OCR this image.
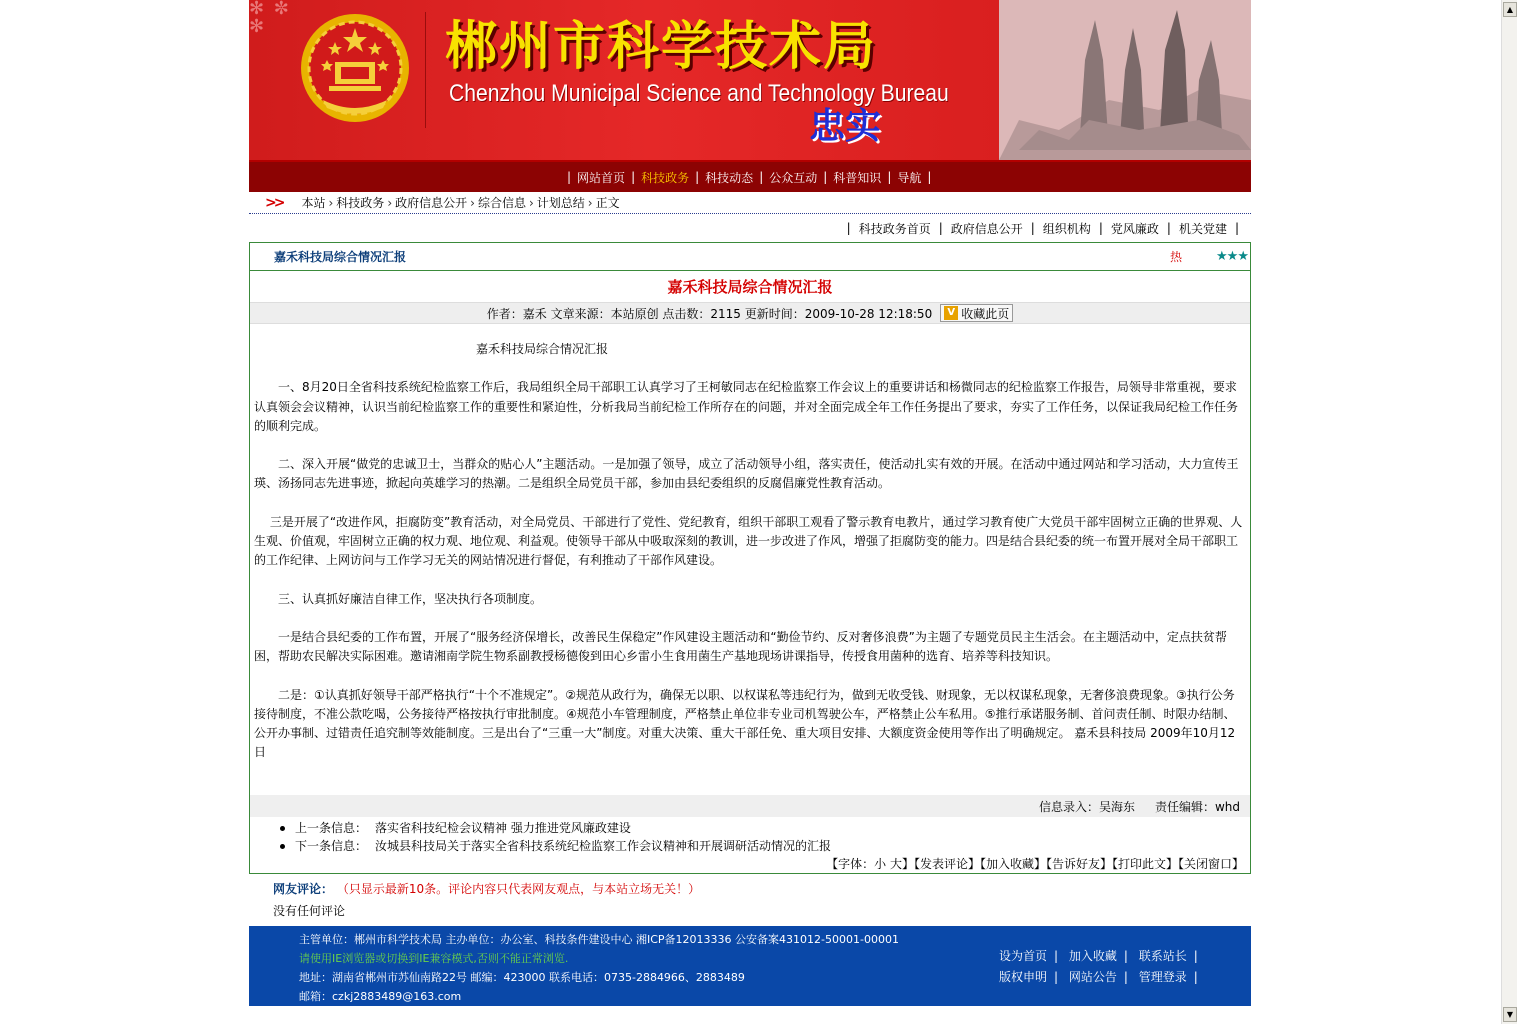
✻ ✼
✻	郴州市科学技术局
Chenzhou Municipal Science and Technology Bureau
忠实
| 网站首页 | 科技政务 | 科技动态 | 公众互动 | 科普知识 | 导航 |
>> 本站 › 科技政务 › 政府信息公开 › 综合信息 › 计划总结 › 正文
| 科技政务首页 | 政府信息公开 | 组织机构 | 党风廉政 | 机关党建 |
嘉禾科技局综合情况汇报	热	★★★
嘉禾科技局综合情况汇报
作者：嘉禾 文章来源：本站原创 点击数：2115 更新时间：2009-10-28 12:18:50	V 收藏此页

嘉禾科技局综合情况汇报

　　一、8月20日全省科技系统纪检监察工作后，我局组织全局干部职工认真学习了王柯敏同志在纪检监察工作会议上的重要讲话和杨微同志的纪检监察工作报告，局领导非常重视，要求认真领会会议精神，认识当前纪检监察工作的重要性和紧迫性，分析我局当前纪检工作所存在的问题，并对全面完成全年工作任务提出了要求，夯实了工作任务，以保证我局纪检工作任务的顺利完成。

　　二、深入开展“做党的忠诚卫士，当群众的贴心人”主题活动。一是加强了领导，成立了活动领导小组，落实责任，使活动扎实有效的开展。在活动中通过网站和学习活动，大力宣传王瑛、汤扬同志先进事迹，掀起向英雄学习的热潮。二是组织全局党员干部，参加由县纪委组织的反腐倡廉党性教育活动。

　 三是开展了“改进作风，拒腐防变”教育活动，对全局党员、干部进行了党性、党纪教育，组织干部职工观看了警示教育电教片，通过学习教育使广大党员干部牢固树立正确的世界观、人生观、价值观，牢固树立正确的权力观、地位观、利益观。使领导干部从中吸取深刻的教训，进一步改进了作风，增强了拒腐防变的能力。四是结合县纪委的统一布置开展对全局干部职工的工作纪律、上网访问与工作学习无关的网站情况进行督促，有利推动了干部作风建设。

　　三、认真抓好廉洁自律工作，坚决执行各项制度。

　　一是结合县纪委的工作布置，开展了“服务经济保增长，改善民生保稳定”作风建设主题活动和“勤俭节约、反对奢侈浪费”为主题了专题党员民主生活会。在主题活动中，定点扶贫帮困，帮助农民解决实际困难。邀请湘南学院生物系副教授杨德俊到田心乡雷小生食用菌生产基地现场讲课指导，传授食用菌种的选育、培养等科技知识。

　　二是：①认真抓好领导干部严格执行“十个不准规定”。②规范从政行为，确保无以职、以权谋私等违纪行为，做到无收受钱、财现象，无以权谋私现象，无奢侈浪费现象。③执行公务接待制度，不准公款吃喝，公务接待严格按执行审批制度。④规范小车管理制度，严格禁止单位非专业司机驾驶公车，严格禁止公车私用。⑤推行承诺服务制、首问责任制、时限办结制、公开办事制、过错责任追究制等效能制度。三是出台了“三重一大”制度。对重大决策、重大干部任免、重大项目安排、大额度资金使用等作出了明确规定。 嘉禾县科技局 2009年10月12日

信息录入：吴海东 责任编辑：whd
上一条信息： 落实省科技纪检会议精神 强力推进党风廉政建设
下一条信息： 汝城县科技局关于落实全省科技系统纪检监察工作会议精神和开展调研活动情况的汇报
【字体：小 大】【发表评论】【加入收藏】【告诉好友】【打印此文】【关闭窗口】
网友评论： （只显示最新10条。评论内容只代表网友观点，与本站立场无关！）
没有任何评论
主管单位：郴州市科学技术局 主办单位：办公室、科技条件建设中心 湘ICP备12013336 公安备案431012-50001-00001
请使用IE浏览器或切换到IE兼容模式,否则不能正常浏览.
地址：湖南省郴州市苏仙南路22号 邮编：423000 联系电话：0735-2884966、2883489
邮箱：czkj2883489@163.com
设为首页 | 加入收藏 | 联系站长 |
版权申明 | 网站公告 | 管理登录 |
▲
▼
